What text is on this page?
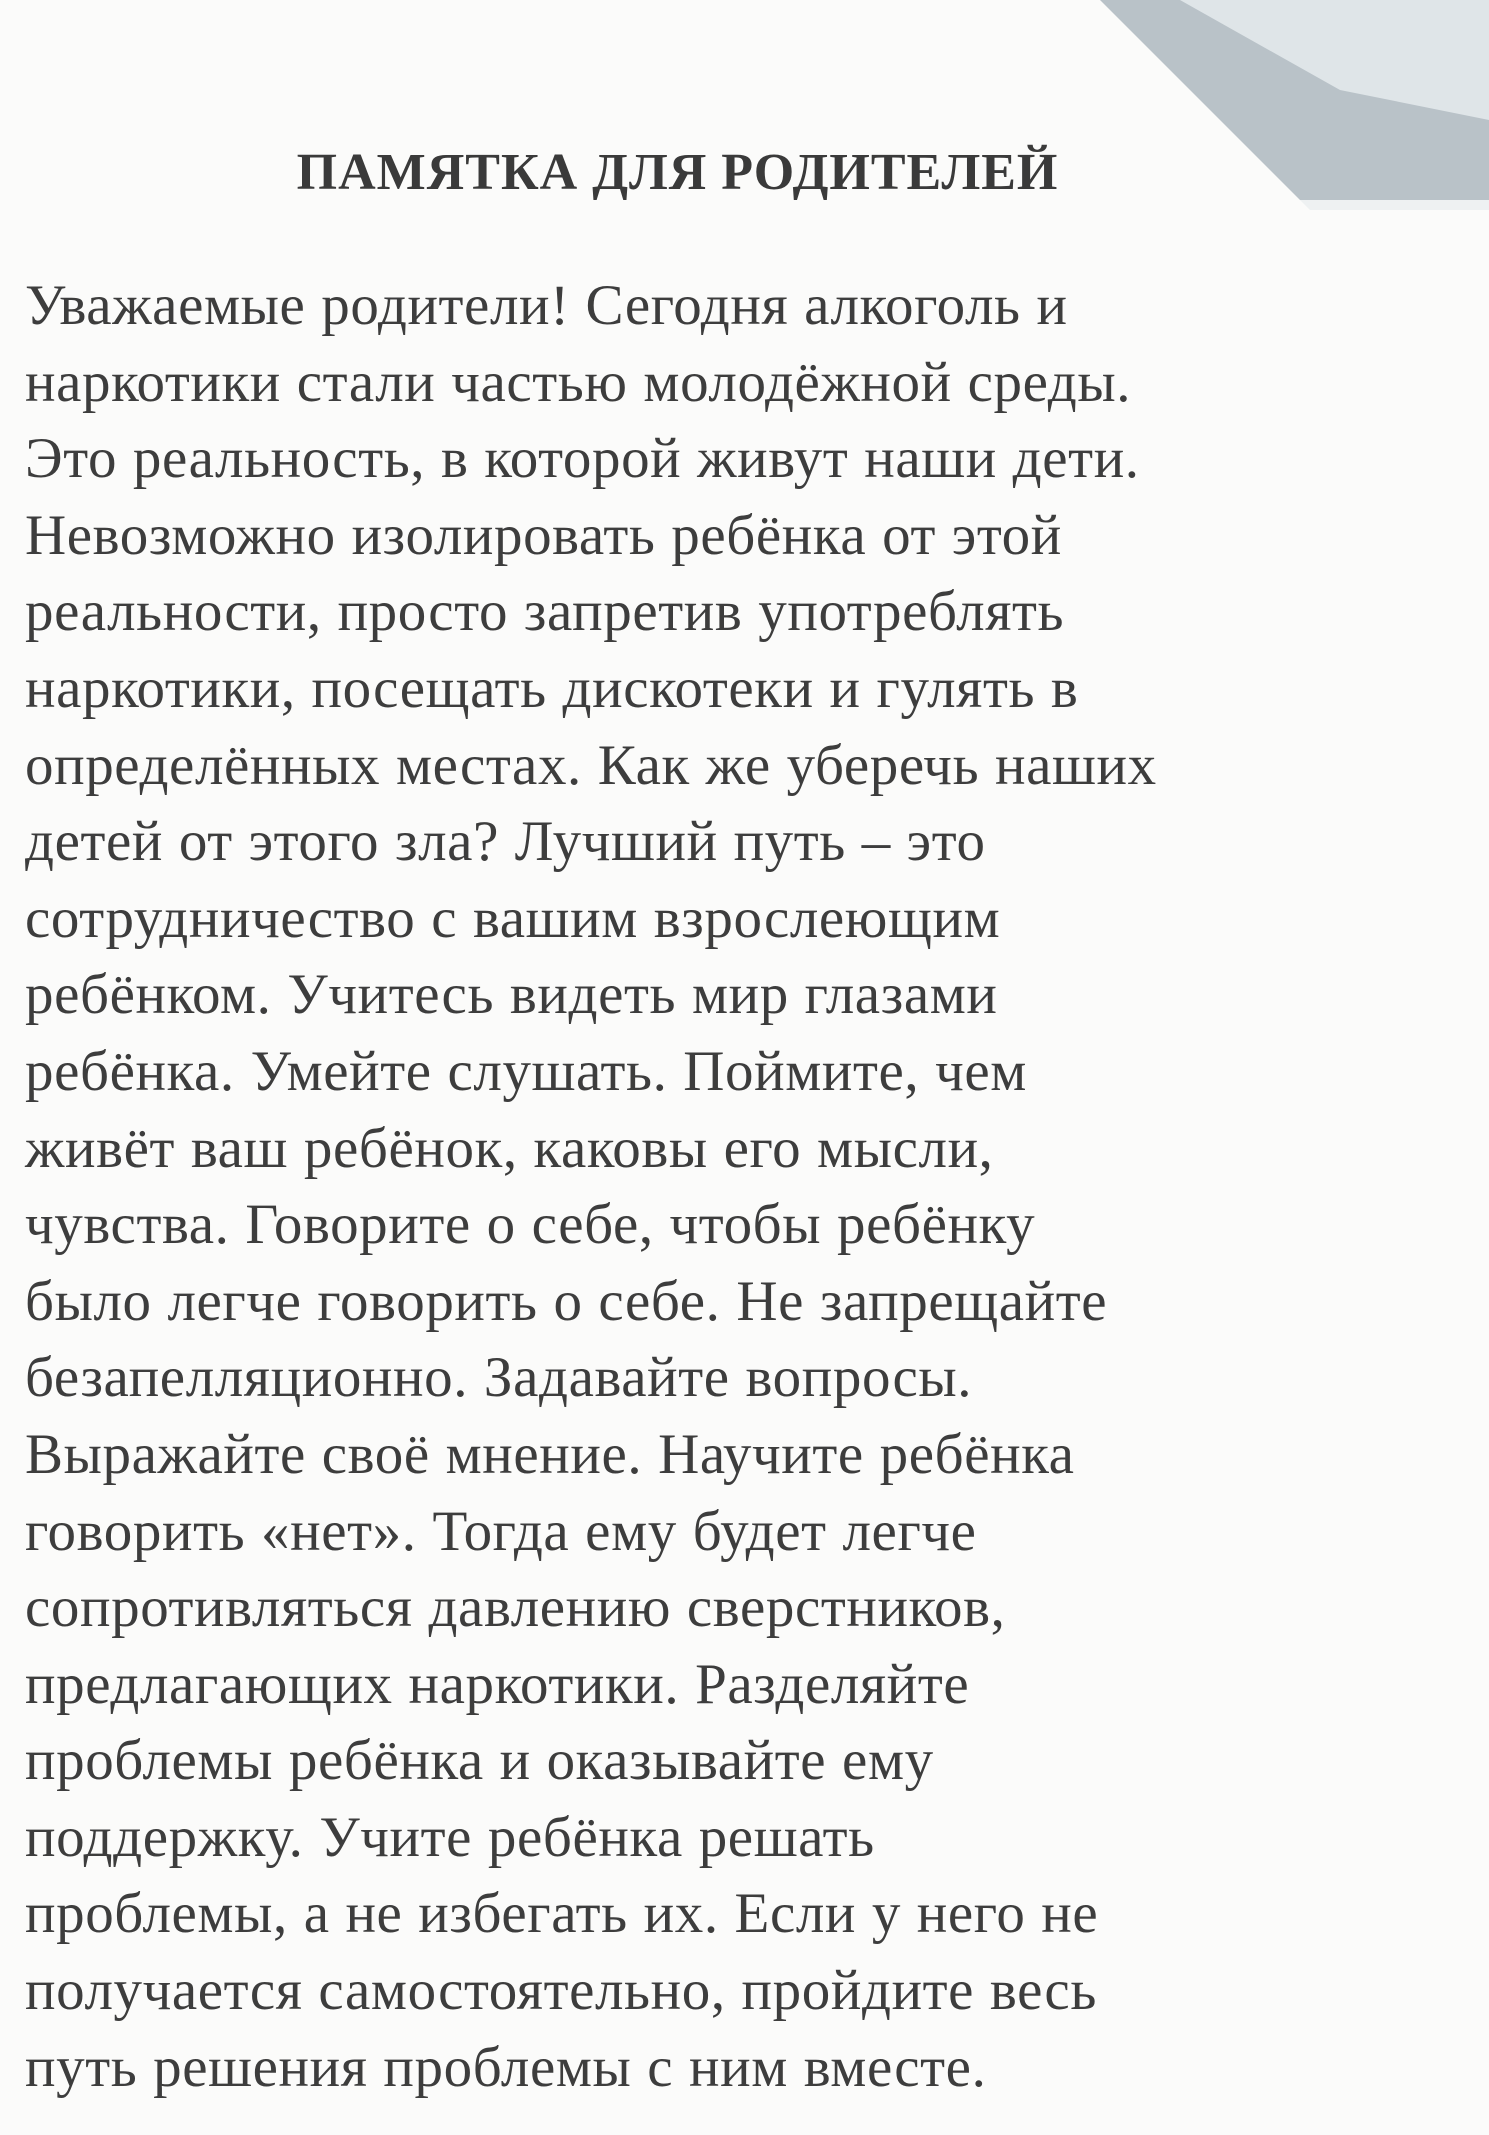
ПАМЯТКА ДЛЯ РОДИТЕЛЕЙ
Уважаемые родители! Сегодня алкоголь и
наркотики стали частью молодёжной среды.
Это реальность, в которой живут наши дети.
Невозможно изолировать ребёнка от этой
реальности, просто запретив употреблять
наркотики, посещать дискотеки и гулять в
определённых местах. Как же уберечь наших
детей от этого зла? Лучший путь – это
сотрудничество с вашим взрослеющим
ребёнком. Учитесь видеть мир глазами
ребёнка. Умейте слушать. Поймите, чем
живёт ваш ребёнок, каковы его мысли,
чувства. Говорите о себе, чтобы ребёнку
было легче говорить о себе. Не запрещайте
безапелляционно. Задавайте вопросы.
Выражайте своё мнение. Научите ребёнка
говорить «нет». Тогда ему будет легче
сопротивляться давлению сверстников,
предлагающих наркотики. Разделяйте
проблемы ребёнка и оказывайте ему
поддержку. Учите ребёнка решать
проблемы, а не избегать их. Если у него не
получается самостоятельно, пройдите весь
путь решения проблемы с ним вместе.
